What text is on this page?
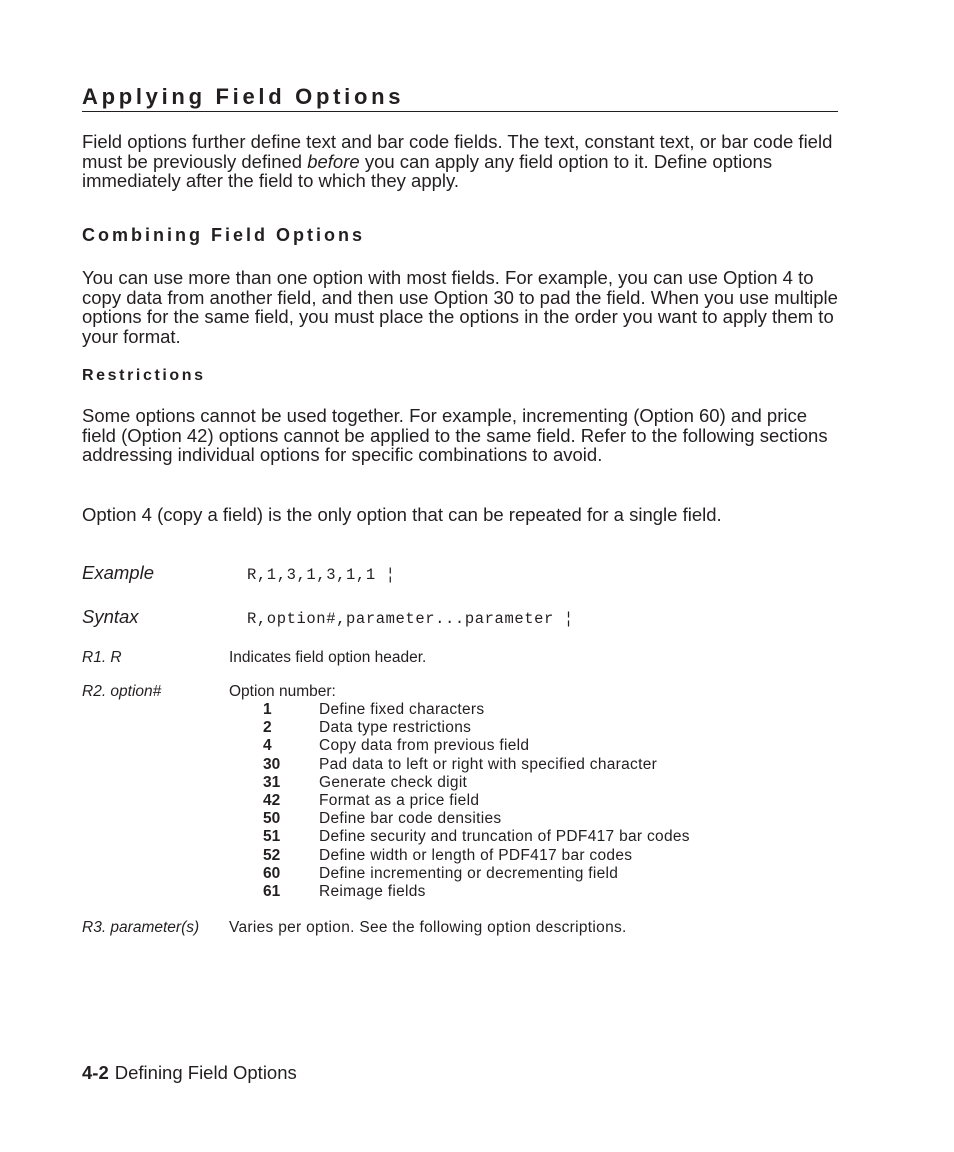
Applying Field Options

Field options further define text and bar code fields. The text, constant text, or bar code field must be previously defined before you can apply any field option to it. Define options immediately after the field to which they apply.

Combining Field Options

You can use more than one option with most fields. For example, you can use Option 4 to copy data from another field, and then use Option 30 to pad the field. When you use multiple options for the same field, you must place the options in the order you want to apply them to your format.

Restrictions

Some options cannot be used together. For example, incrementing (Option 60) and price field (Option 42) options cannot be applied to the same field. Refer to the following sections addressing individual options for specific combinations to avoid.

Option 4 (copy a field) is the only option that can be repeated for a single field.

Example	R,1,3,1,3,1,1 ¦
Syntax	R,option#,parameter...parameter ¦
R1. R	Indicates field option header.
R2. option#	Option number:
1	Define fixed characters
2	Data type restrictions
4	Copy data from previous field
30	Pad data to left or right with specified character
31	Generate check digit
42	Format as a price field
50	Define bar code densities
51	Define security and truncation of PDF417 bar codes
52	Define width or length of PDF417 bar codes
60	Define incrementing or decrementing field
61	Reimage fields
R3. parameter(s) Varies per option. See the following option descriptions.
4-2 Defining Field Options
